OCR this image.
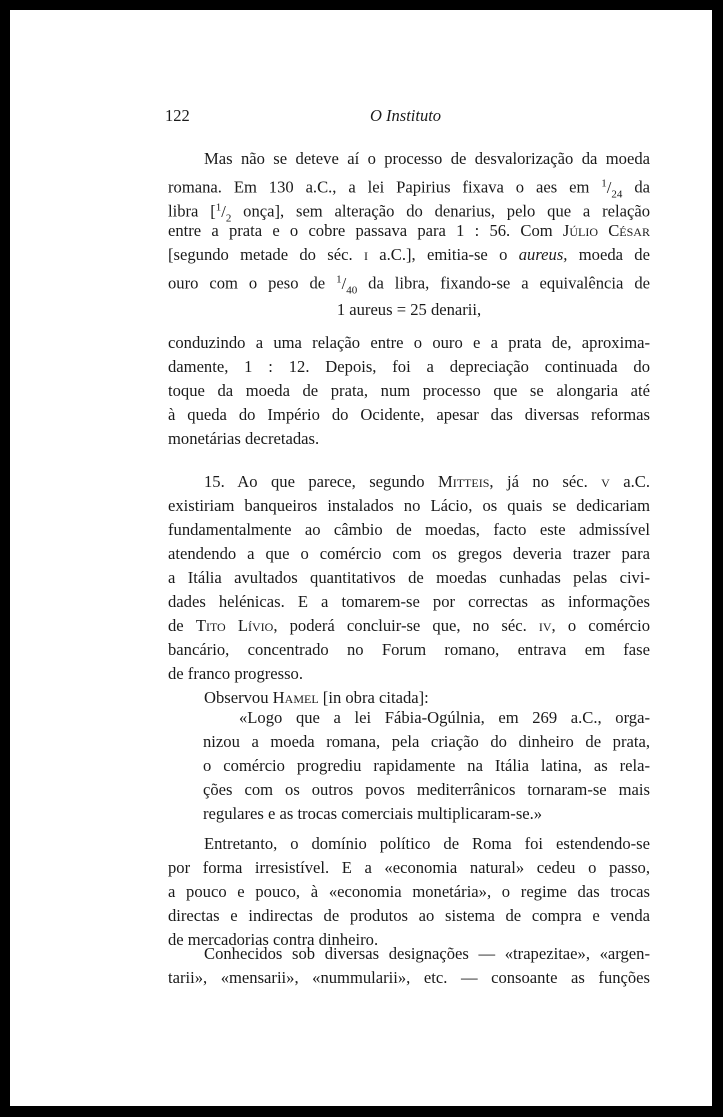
122	O Instituto
Mas não se deteve aí o processo de desvalorização da moeda
romana. Em 130 a.C., a lei Papirius fixava o aes em $^1/_{24}$ da
libra [$^1/_2$ onça], sem alteração do denarius, pelo que a relação
entre a prata e o cobre passava para 1 : 56. Com Júlio César
[segundo metade do séc. i a.C.], emitia-se o aureus, moeda de
ouro com o peso de $^1/_{40}$ da libra, fixando-se a equivalência de
1 aureus = 25 denarii,
conduzindo a uma relação entre o ouro e a prata de, aproxima-
damente, 1 : 12. Depois, foi a depreciação continuada do
toque da moeda de prata, num processo que se alongaria até
à queda do Império do Ocidente, apesar das diversas reformas
monetárias decretadas.
15. Ao que parece, segundo Mitteis, já no séc. v a.C.
existiriam banqueiros instalados no Lácio, os quais se dedicariam
fundamentalmente ao câmbio de moedas, facto este admissível
atendendo a que o comércio com os gregos deveria trazer para
a Itália avultados quantitativos de moedas cunhadas pelas civi-
dades helénicas. E a tomarem-se por correctas as informações
de Tito Lívio, poderá concluir-se que, no séc. iv, o comércio
bancário, concentrado no Forum romano, entrava em fase
de franco progresso.
Observou Hamel [in obra citada]:
«Logo que a lei Fábia-Ogúlnia, em 269 a.C., orga-
nizou a moeda romana, pela criação do dinheiro de prata,
o comércio progrediu rapidamente na Itália latina, as rela-
ções com os outros povos mediterrânicos tornaram-se mais
regulares e as trocas comerciais multiplicaram-se.»
Entretanto, o domínio político de Roma foi estendendo-se
por forma irresistível. E a «economia natural» cedeu o passo,
a pouco e pouco, à «economia monetária», o regime das trocas
directas e indirectas de produtos ao sistema de compra e venda
de mercadorias contra dinheiro.
Conhecidos sob diversas designações — «trapezitae», «argen-
tarii», «mensarii», «nummularii», etc. — consoante as funções
